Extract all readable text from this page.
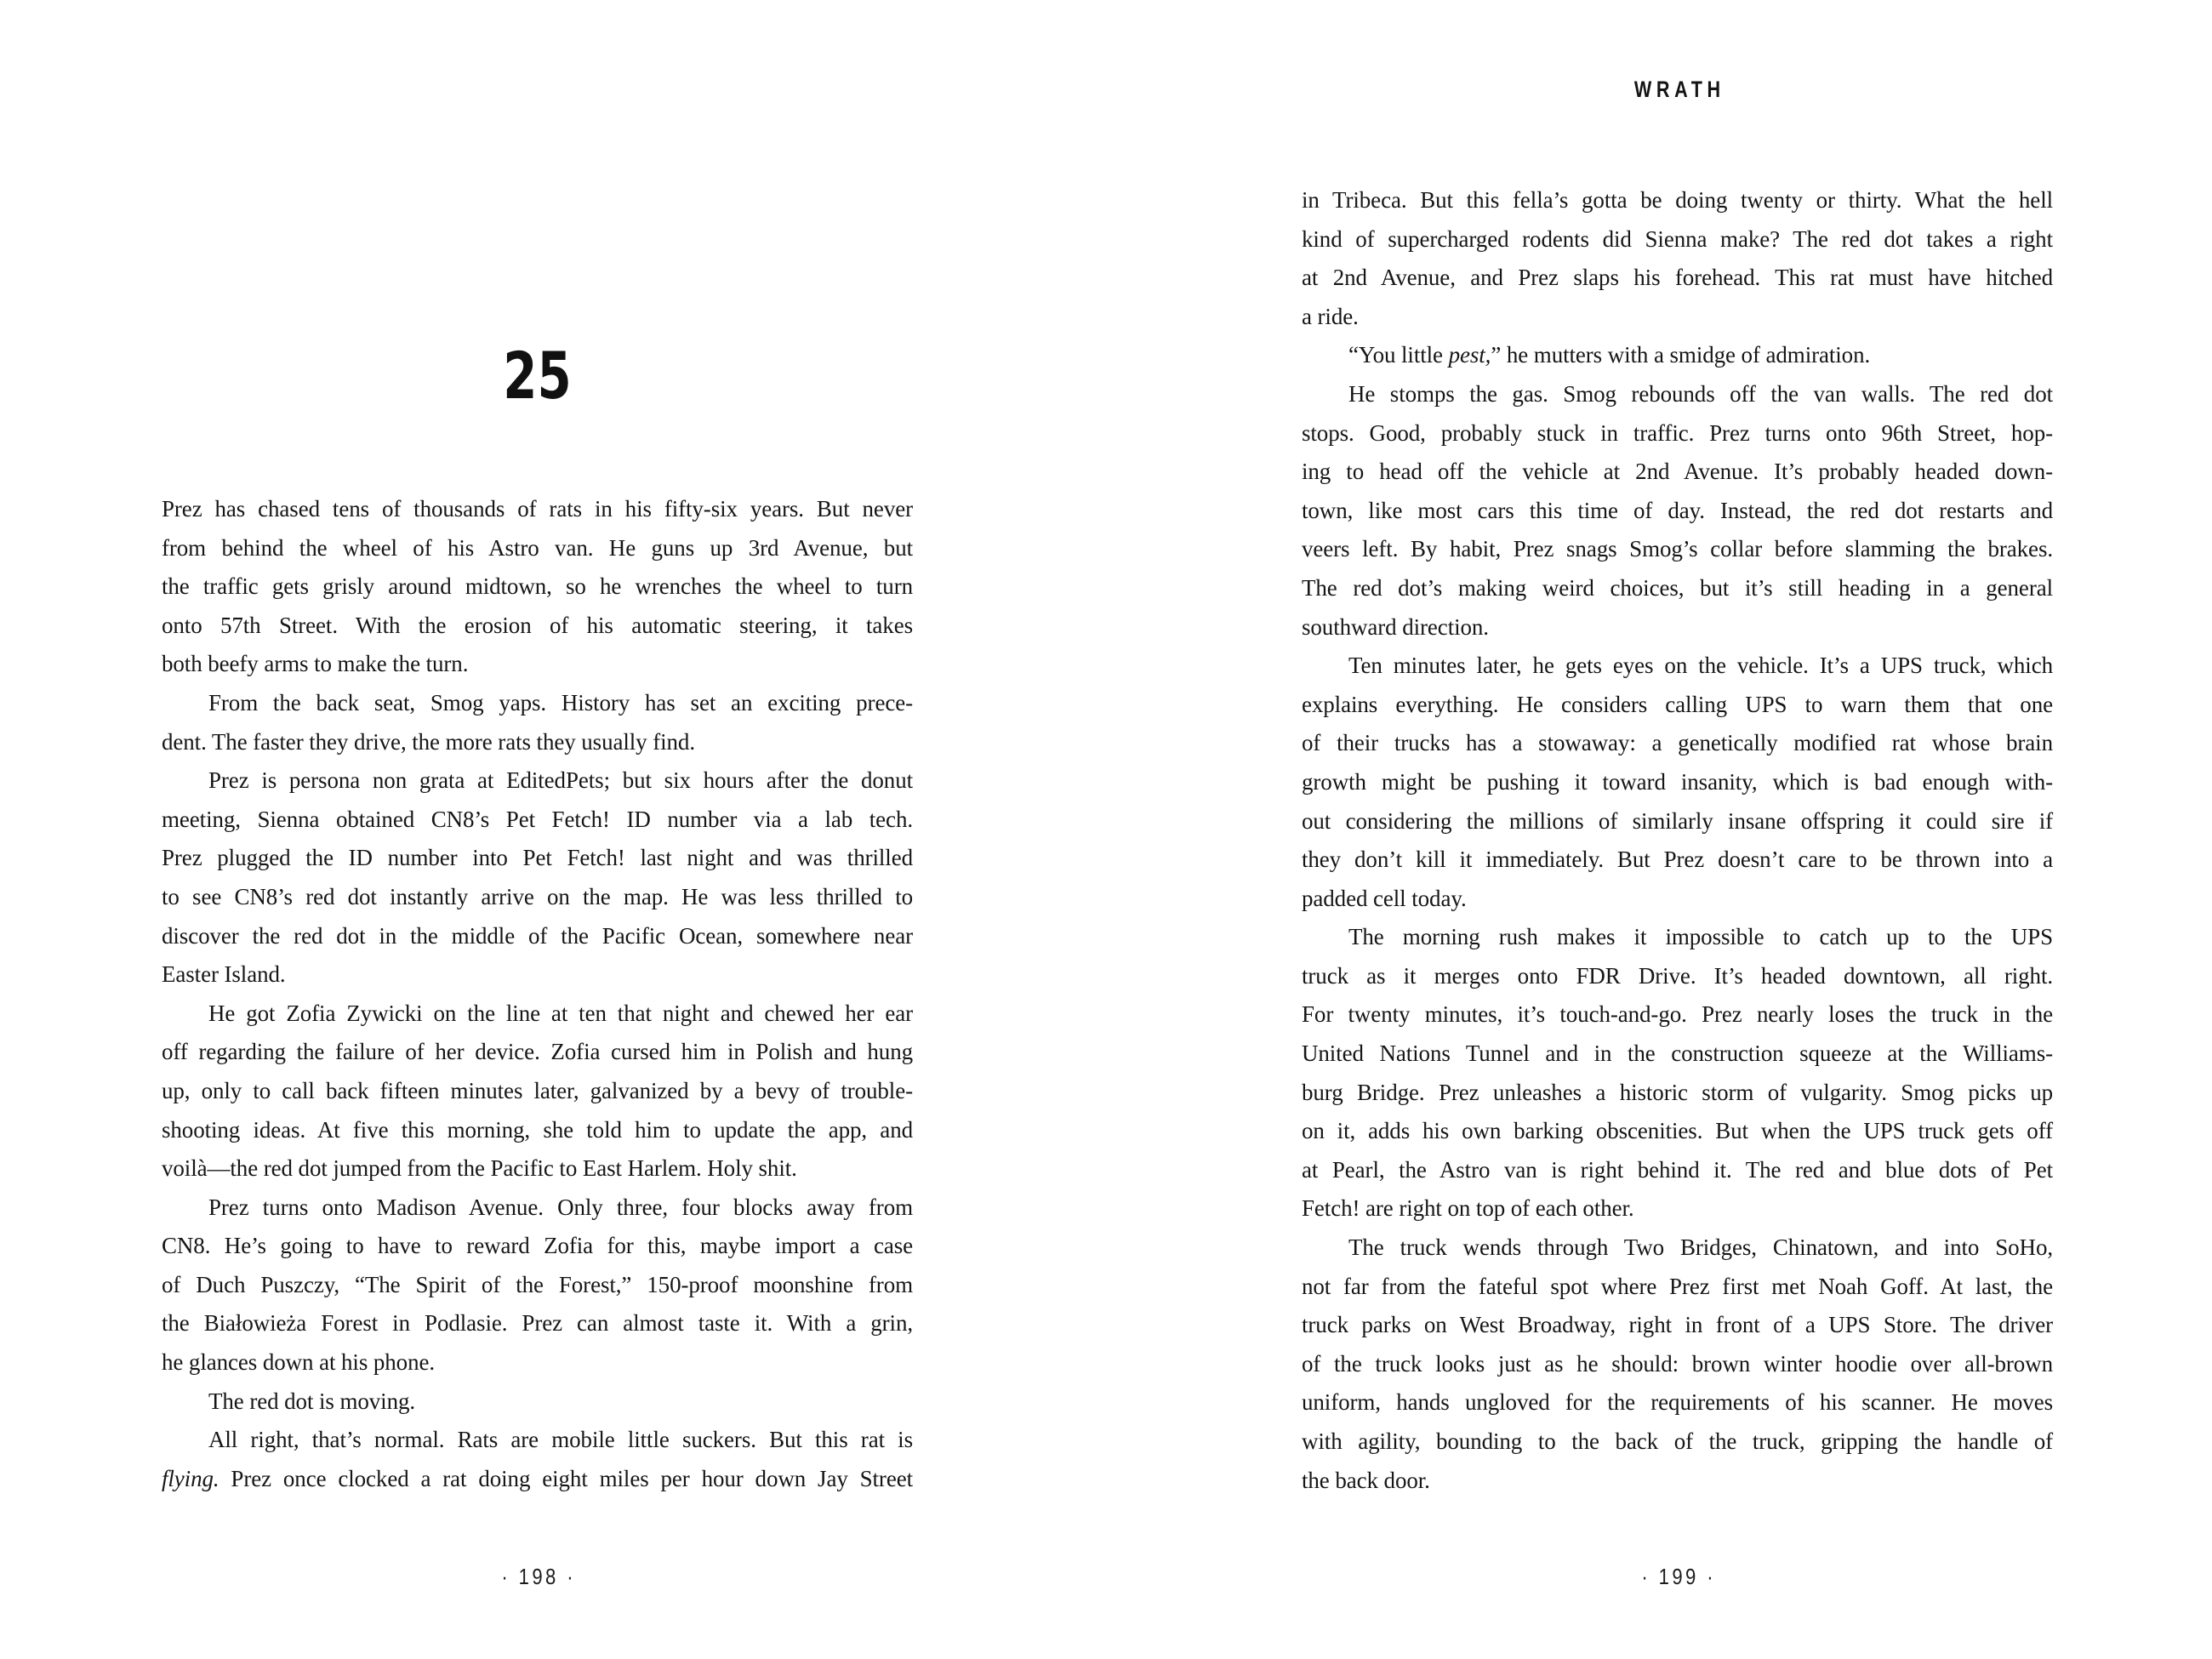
25
Prez has chased tens of thousands of rats in his fifty-six years. But never
from behind the wheel of his Astro van. He guns up 3rd Avenue, but
the traffic gets grisly around midtown, so he wrenches the wheel to turn
onto 57th Street. With the erosion of his automatic steering, it takes
both beefy arms to make the turn.
From the back seat, Smog yaps. History has set an exciting prece-
dent. The faster they drive, the more rats they usually find.
Prez is persona non grata at EditedPets; but six hours after the donut
meeting, Sienna obtained CN8’s Pet Fetch! ID number via a lab tech.
Prez plugged the ID number into Pet Fetch! last night and was thrilled
to see CN8’s red dot instantly arrive on the map. He was less thrilled to
discover the red dot in the middle of the Pacific Ocean, somewhere near
Easter Island.
He got Zofia Zywicki on the line at ten that night and chewed her ear
off regarding the failure of her device. Zofia cursed him in Polish and hung
up, only to call back fifteen minutes later, galvanized by a bevy of trouble-
shooting ideas. At five this morning, she told him to update the app, and
voilà—the red dot jumped from the Pacific to East Harlem. Holy shit.
Prez turns onto Madison Avenue. Only three, four blocks away from
CN8. He’s going to have to reward Zofia for this, maybe import a case
of Duch Puszczy, “The Spirit of the Forest,” 150-proof moonshine from
the Białowieża Forest in Podlasie. Prez can almost taste it. With a grin,
he glances down at his phone.
The red dot is moving.
All right, that’s normal. Rats are mobile little suckers. But this rat is
flying. Prez once clocked a rat doing eight miles per hour down Jay Street
· 198 ·
WRATH
in Tribeca. But this fella’s gotta be doing twenty or thirty. What the hell
kind of supercharged rodents did Sienna make? The red dot takes a right
at 2nd Avenue, and Prez slaps his forehead. This rat must have hitched
a ride.
“You little pest,” he mutters with a smidge of admiration.
He stomps the gas. Smog rebounds off the van walls. The red dot
stops. Good, probably stuck in traffic. Prez turns onto 96th Street, hop-
ing to head off the vehicle at 2nd Avenue. It’s probably headed down-
town, like most cars this time of day. Instead, the red dot restarts and
veers left. By habit, Prez snags Smog’s collar before slamming the brakes.
The red dot’s making weird choices, but it’s still heading in a general
southward direction.
Ten minutes later, he gets eyes on the vehicle. It’s a UPS truck, which
explains everything. He considers calling UPS to warn them that one
of their trucks has a stowaway: a genetically modified rat whose brain
growth might be pushing it toward insanity, which is bad enough with-
out considering the millions of similarly insane offspring it could sire if
they don’t kill it immediately. But Prez doesn’t care to be thrown into a
padded cell today.
The morning rush makes it impossible to catch up to the UPS
truck as it merges onto FDR Drive. It’s headed downtown, all right.
For twenty minutes, it’s touch-and-go. Prez nearly loses the truck in the
United Nations Tunnel and in the construction squeeze at the Williams-
burg Bridge. Prez unleashes a historic storm of vulgarity. Smog picks up
on it, adds his own barking obscenities. But when the UPS truck gets off
at Pearl, the Astro van is right behind it. The red and blue dots of Pet
Fetch! are right on top of each other.
The truck wends through Two Bridges, Chinatown, and into SoHo,
not far from the fateful spot where Prez first met Noah Goff. At last, the
truck parks on West Broadway, right in front of a UPS Store. The driver
of the truck looks just as he should: brown winter hoodie over all-brown
uniform, hands ungloved for the requirements of his scanner. He moves
with agility, bounding to the back of the truck, gripping the handle of
the back door.
· 199 ·
